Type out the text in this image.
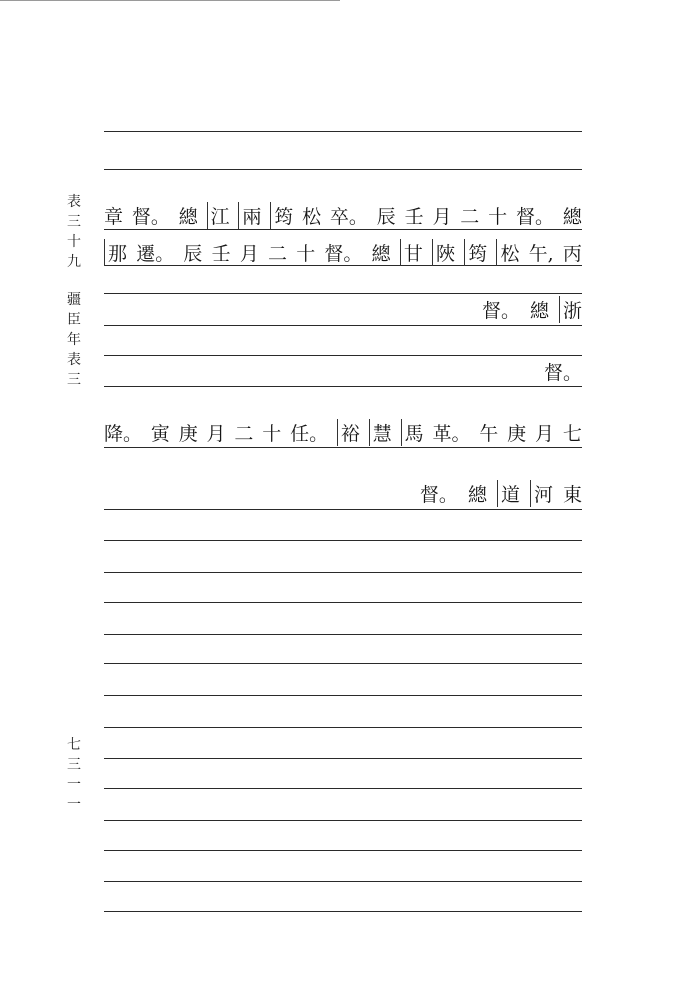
表
三
十
九
疆
臣
年
表
三
七
三
一
一
章 督。 總 江 兩 筠 松 卒。 辰 壬 月 二 十 督。 總
那 遷。 辰 壬 月 二 十 督。 總 甘 陜 筠 松 午, 丙
督。 總 浙
督。
降。 寅 庚 月 二 十 任。 裕 慧 馬 革。 午 庚 月 七
督。 總 道 河 東
